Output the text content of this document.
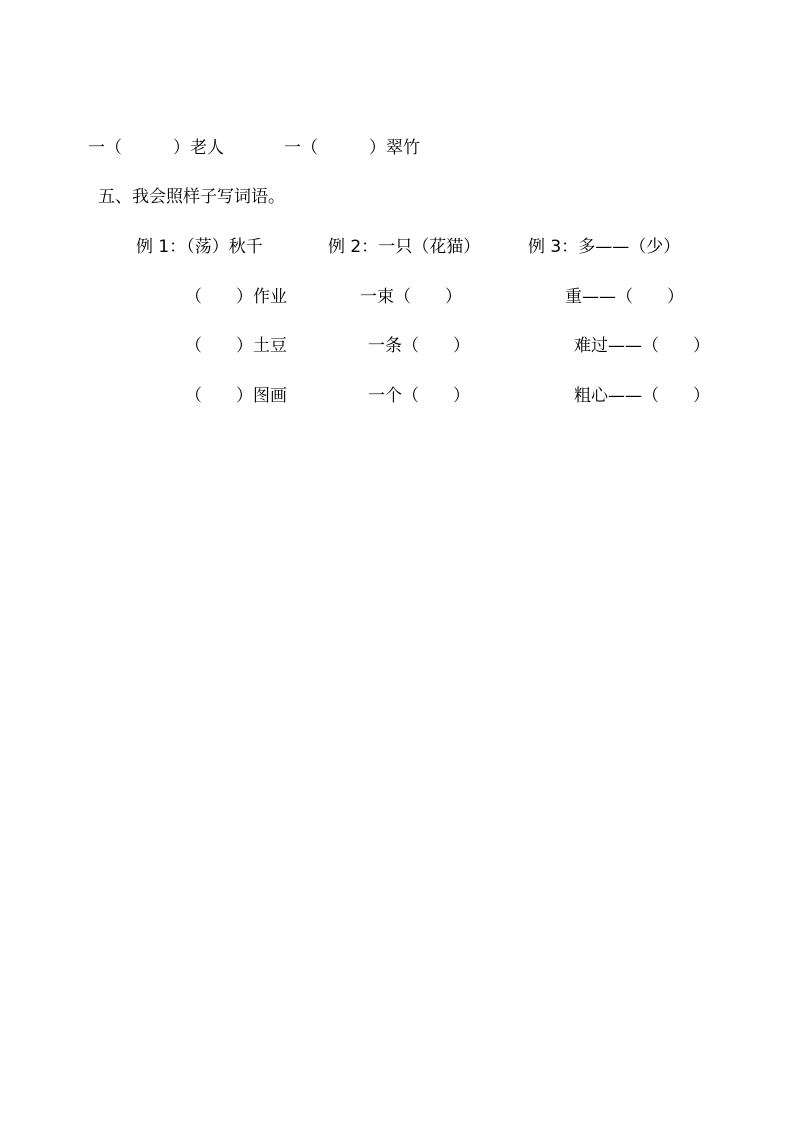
一（　　　）老人	一（　　　）翠竹
五、我会照样子写词语。
例 1：（荡）秋千	例 2：一只（花猫）	例 3：多——（少）
（　　）作业	一束（　　）	重——（　　）
（　　）土豆	一条（　　）	难过——（　　）
（　　）图画	一个（　　）	粗心——（　　）
